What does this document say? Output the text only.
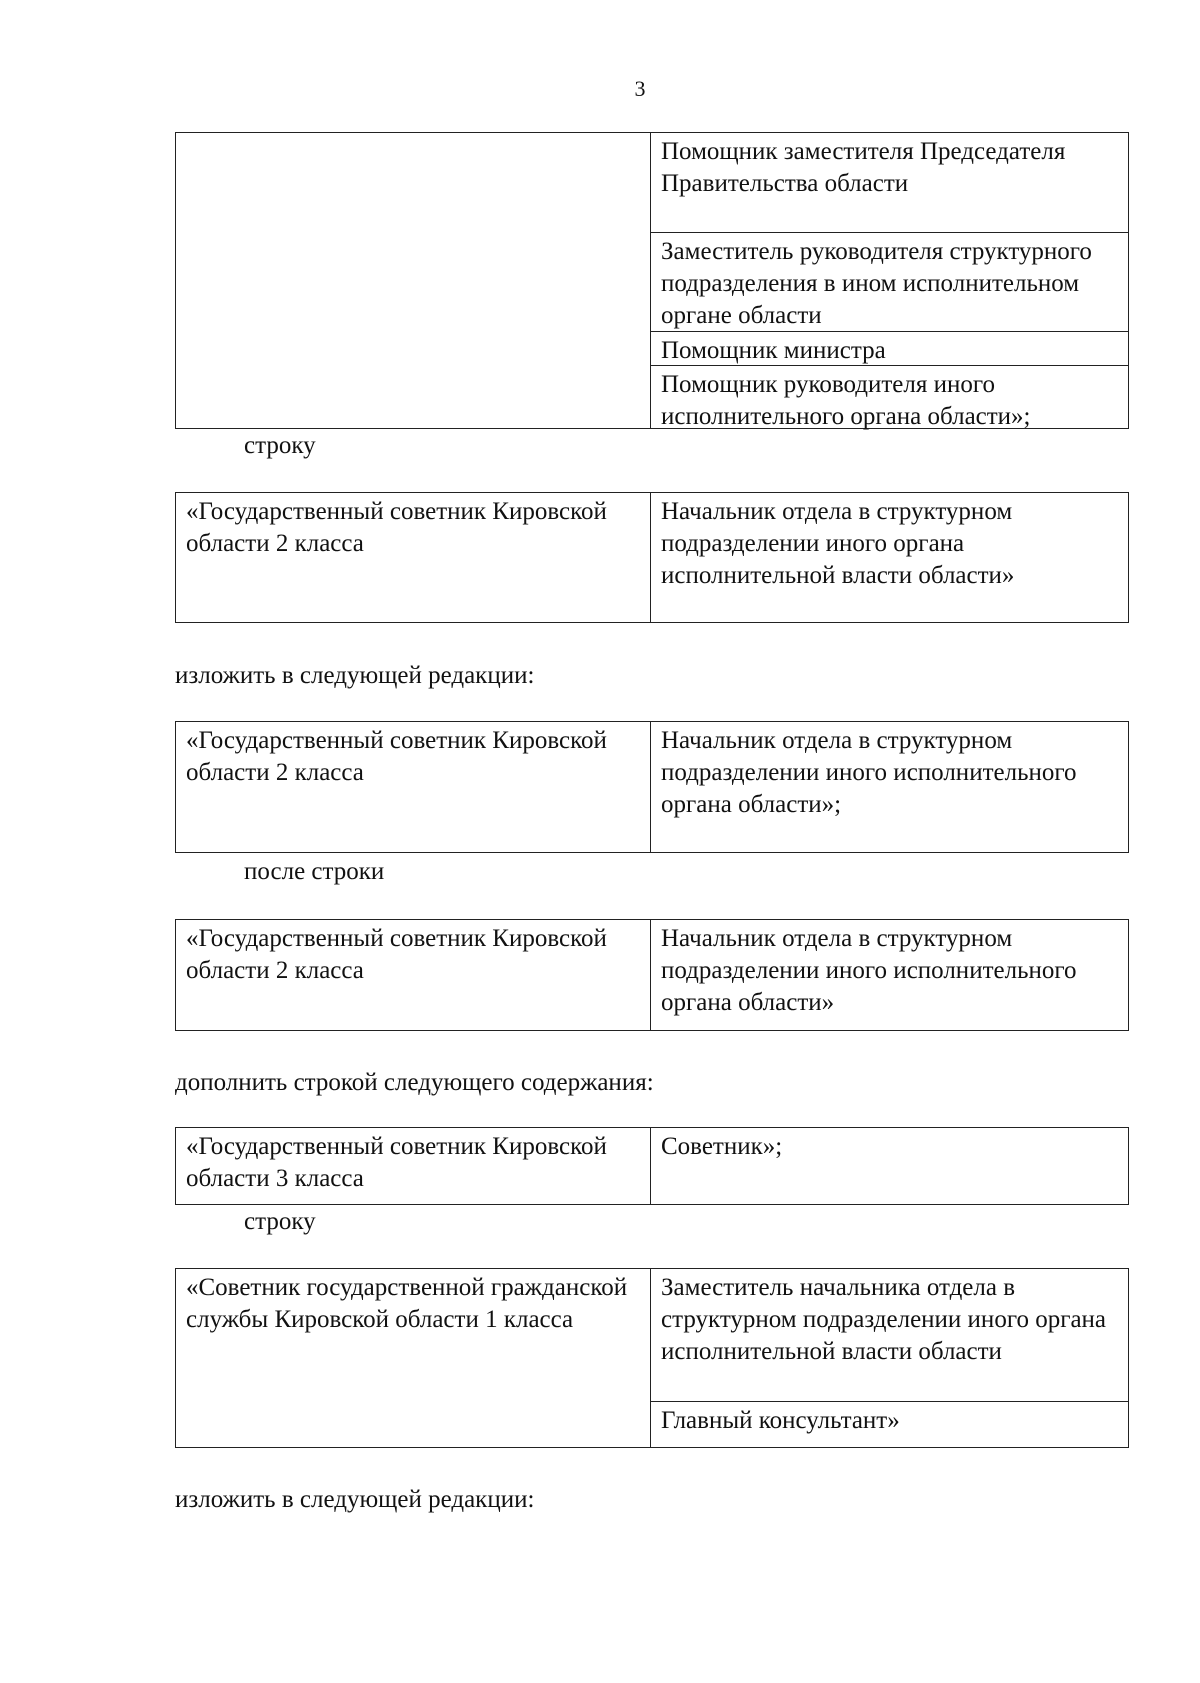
3
Помощник заместителя Председателя Правительства области
Заместитель руководителя структурного подразделения в ином исполнительном органе области
Помощник министра
Помощник руководителя иного исполнительного органа области»;
строку
«Государственный советник Кировской области 2 класса
Начальник отдела в структурном подразделении иного органа исполнительной власти области»
изложить в следующей редакции:
«Государственный советник Кировской области 2 класса
Начальник отдела в структурном подразделении иного исполнительного органа области»;
после строки
«Государственный советник Кировской области 2 класса
Начальник отдела в структурном подразделении иного исполнительного органа области»
дополнить строкой следующего содержания:
«Государственный советник Кировской области 3 класса
Советник»;
строку
«Советник государственной гражданской службы Кировской области 1 класса
Заместитель начальника отдела в структурном подразделении иного органа исполнительной власти области
Главный консультант»
изложить в следующей редакции:
